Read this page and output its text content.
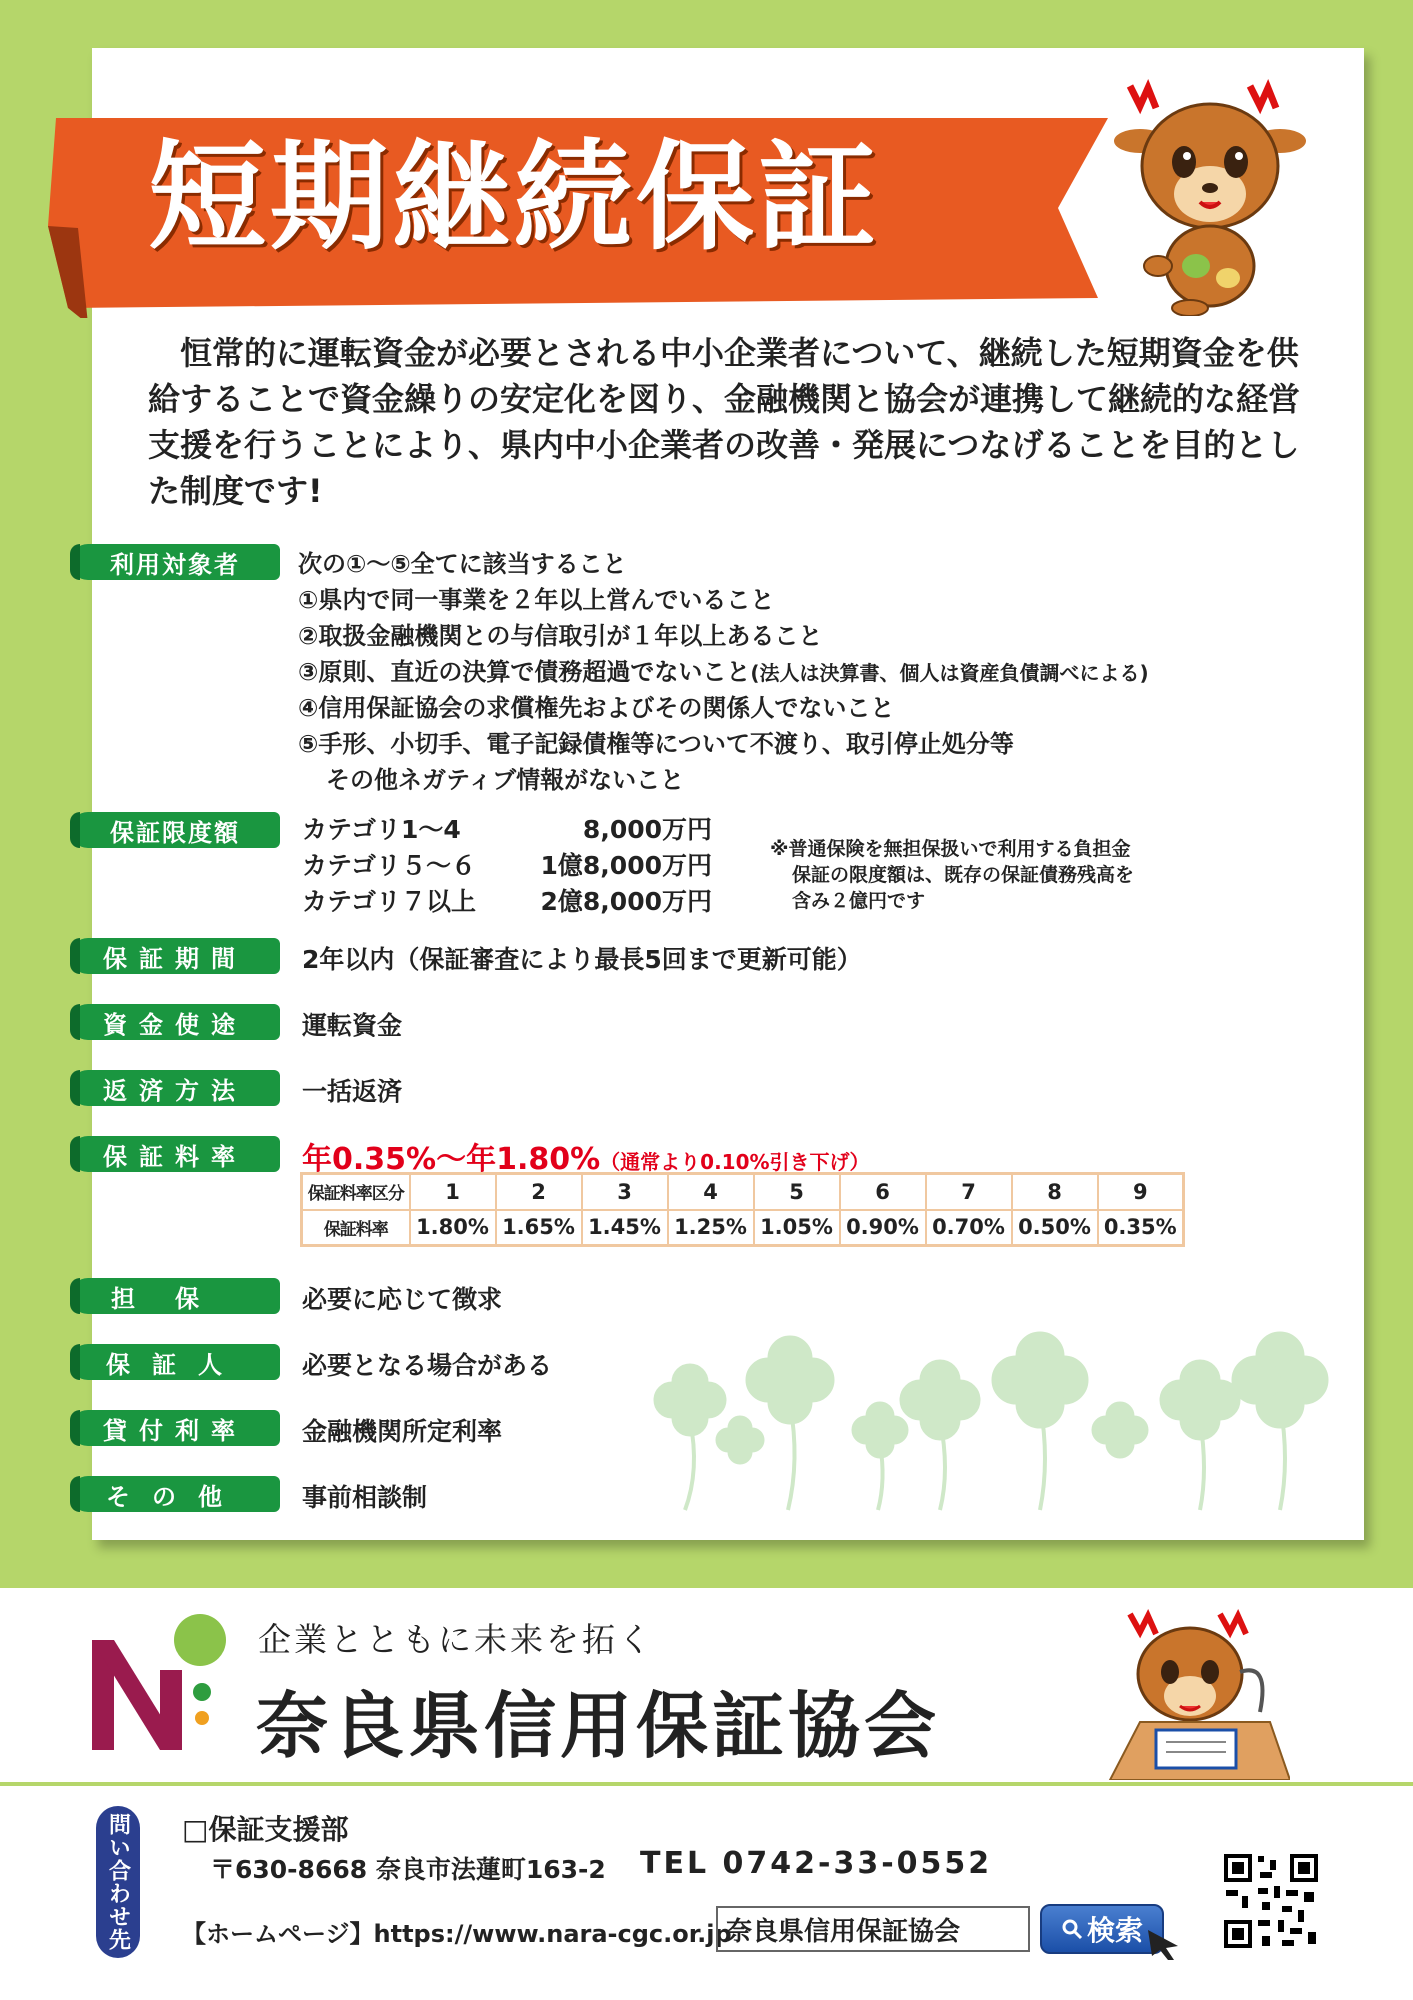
短期継続保証
恒常的に運転資金が必要とされる中小企業者について、継続した短期資金を供給することで資金繰りの安定化を図り、金融機関と協会が連携して継続的な経営支援を行うことにより、県内中小企業者の改善・発展につなげることを目的とした制度です!
利用対象者	次の①～⑤全てに該当すること
①県内で同一事業を２年以上営んでいること
②取扱金融機関との与信取引が１年以上あること
③原則、直近の決算で債務超過でないこと(法人は決算書、個人は資産負債調べによる)
④信用保証協会の求償権先およびその関係人でないこと
⑤手形、小切手、電子記録債権等について不渡り、取引停止処分等
その他ネガティブ情報がないこと
保証限度額	カテゴリ1～4	8,000万円
カテゴリ５～６	1億8,000万円
カテゴリ７以上	2億8,000万円
※普通保険を無担保扱いで利用する負担金
保証の限度額は、既存の保証債務残高を
含み２億円です
保証期間	2年以内（保証審査により最長5回まで更新可能）
資金使途	運転資金
返済方法	一括返済
保証料率	年0.35%～年1.80%（通常より0.10%引き下げ）
保証料率区分	1	2	3	4	5	6	7	8	9
保証料率	1.80%	1.65%	1.45%	1.25%	1.05%	0.90%	0.70%	0.50%	0.35%
担保	必要に応じて徴求
保証人	必要となる場合がある
貸付利率	金融機関所定利率
その他	事前相談制
企業とともに未来を拓く
奈良県信用保証協会
問い合わせ先	□保証支援部
〒630-8668 奈良市法蓮町163-2 TEL 0742-33-0552
【ホームページ】https://www.nara-cgc.or.jp
奈良県信用保証協会	検索
